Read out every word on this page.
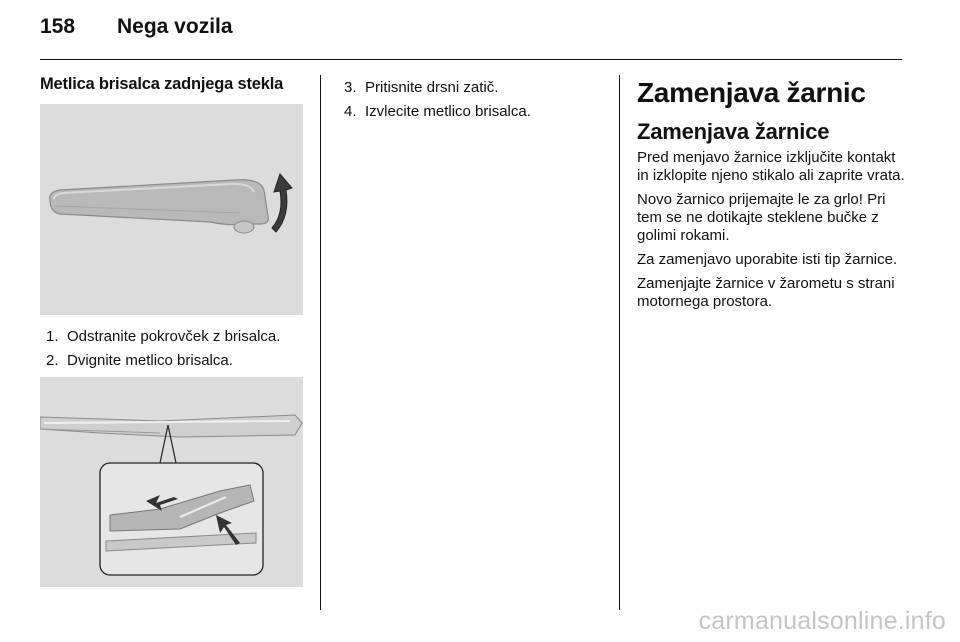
158 Nega vozila
Metlica brisalca zadnjega stekla
1. Odstranite pokrovček z brisalca.
2. Dvignite metlico brisalca.
3. Pritisnite drsni zatič.
4. Izvlecite metlico brisalca.
Zamenjava žarnic
Zamenjava žarnice

Pred menjavo žarnice izključite kontakt in izklopite njeno stikalo ali zaprite vrata.

Novo žarnico prijemajte le za grlo! Pri tem se ne dotikajte steklene bučke z golimi rokami.

Za zamenjavo uporabite isti tip žarnice.

Zamenjajte žarnice v žarometu s strani motornega prostora.

carmanualsonline.info
